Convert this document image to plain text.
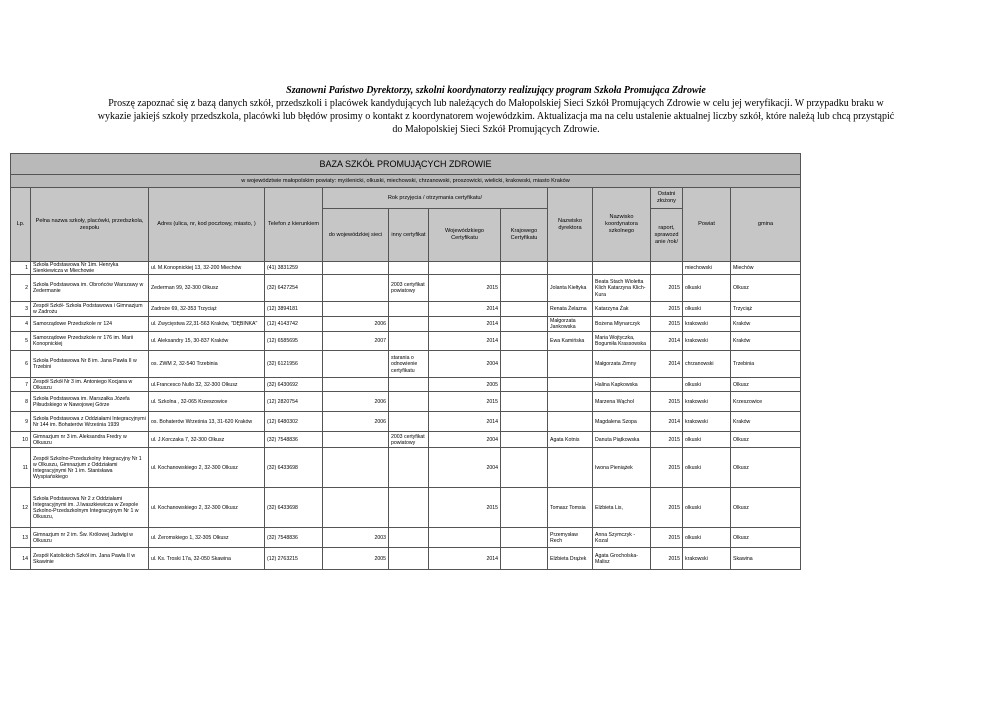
Szanowni Państwo Dyrektorzy, szkolni koordynatorzy realizujący program Szkoła Promująca Zdrowie
Proszę zapoznać się z bazą danych szkół, przedszkoli i placówek kandydujących lub należących do Małopolskiej Sieci Szkół Promujących Zdrowie w celu jej weryfikacji. W przypadku braku w
wykazie jakiejś szkoły przedszkola, placówki lub błędów prosimy o kontakt z koordynatorem wojewódzkim. Aktualizacja ma na celu ustalenie aktualnej liczby szkół, które należą lub chcą przystąpić
do Małopolskiej Sieci Szkół Promujących Zdrowie.
BAZA SZKÓŁ PROMUJĄCYCH ZDROWIE												
w województwie małopolskim powiaty: myślenicki, olkuski, miechowski, chrzanowski, proszowicki, wielicki, krakowski, miasto Kraków												
Lp.	Pełna nazwa szkoły, placówki, przedszkola, zespołu	Adres (ulica, nr, kod pocztowy, miasto, )	Telefon z kierunkiem	Rok przyjęcia / otrzymania certyfikatu/				Nazwisko dyrektora	Nazwisko koordynatora szkolnego	Ostatni złożony	Powiat	gmina
				do wojewódzkiej sieci	inny certyfikat	Wojewódzkiego Certyfikatu	Krajowego Certyfikatu			raport, sprawozd anie /rok/		
1	Szkoła Podstawowa Nr 1im. Henryka Sienkiewicza w Miechowie	ul. M.Konopnickiej 13, 32-200 Miechów	(41) 3831259								miechowski	Miechów
2	Szkoła Podstawowa im. Obrońców Warszawy w Zedermanie	Zederman 99, 32-300 Olkusz	(32) 6427254		2003 certyfikat powiatowy	2015		Jolanta Kiełtyka	Beata Stach Wioletta Klich Katarzyna Klich-Kura	2015	olkuski	Olkusz
3	Zespół Szkół- Szkoła Podstawowa i Gimnazjum w Zadrożu	Zadroże 69, 32-353 Trzyciąż	(12) 3894181			2014		Renata Żelazna	Katarzyna Żak	2015	olkuski	Trzyciąż
4	Samorządowe Przedszkole nr 124	ul. Zwycięstwa 22,31-563 Kraków, "DĘBINKA"	(12) 4143742	2006		2014		Małgorzata Jankowska	Bożena Młynarczyk	2015	krakowski	Kraków
5	Samorządowe Przedszkole nr 176 im. Marii Konopnickiej	ul. Aleksandry 15, 30-837 Kraków	(12) 6585695	2007		2014		Ewa Kamińska	Maria Wojtyczka, Bogumiła Krassowska	2014	krakowski	Kraków
6	Szkoła Podstawowa Nr 8 im. Jana Pawła II w Trzebini	os. ZWM 2, 32-540 Trzebinia	(32) 6121956		starania o odnowienie certyfikatu	2004			Małgorzata Zimny	2014	chrzanowski	Trzebinia
7	Zespół Szkół Nr 3 im. Antoniego Kocjana w Olkuszu	ul.Francesco Nullo 32, 32-300 Olkusz	(32) 6430692			2005			Halina Kapkowska		olkuski	Olkusz
8	Szkoła Podstawowa im. Marszałka Józefa Piłsudskiego w Nawojowej Górze	ul. Szkolna , 32-065 Krzeszowice	(12) 2820754	2006		2015			Marzena Wąchol	2015	krakowski	Krzeszowice
9	Szkoła Podstawowa z Oddziałami Integracyjnymi Nr 144 im. Bohaterów Września 1939	os. Bohaterów Września 13, 31-620 Kraków	(12) 6480302	2006		2014			Magdalena Szopa	2014	krakowski	Kraków
10	Gimnazjum nr 3 im. Aleksandra Fredry w Olkuszu	ul. J.Korczaka 7, 32-300 Olkusz	(32) 7548836		2003 certyfikat powiatowy	2004		Agata Kotnis	Danuta Piątkowska	2015	olkuski	Olkusz
11	Zespół Szkolno-Przedszkolny Integracyjny Nr 1 w Olkuszu, Gimnazjum z Oddziałami Integracyjnymi Nr 1 im. Stanisława Wyspiańskiego	ul. Kochanowskiego 2, 32-300 Olkusz	(32) 6433698			2004			Iwona Pieniążek	2015	olkuski	Olkusz
12	Szkoła Podstawowa Nr 2 z Oddziałami Integracyjnymi im. J.Iwaszkiewicza w Zespole Szkolno-Przedszkolnym Integracyjnym Nr 1 w Olkuszu,	ul. Kochanowskiego 2, 32-300 Olkusz	(32) 6433698			2015		Tomasz Tomsia	Elżbieta Lis,	2015	olkuski	Olkusz
13	Gimnazjum nr 2 im. Św. Królowej Jadwigi w Olkuszu	ul. Żeromskiego 1, 32-305 Olkusz	(32) 7548836	2003				Przemysław Rech	Anna Szymczyk - Kozal	2015	olkuski	Olkusz
14	Zespół Katolickich Szkół im. Jana Pawła II w Skawinie	ul. Ks. Troski 17a, 32-050 Skawina	(12) 2763215	2005		2014		Elżbieta Drążek	Agata Grocholska-Malisz	2015	krakowski	Skawina
